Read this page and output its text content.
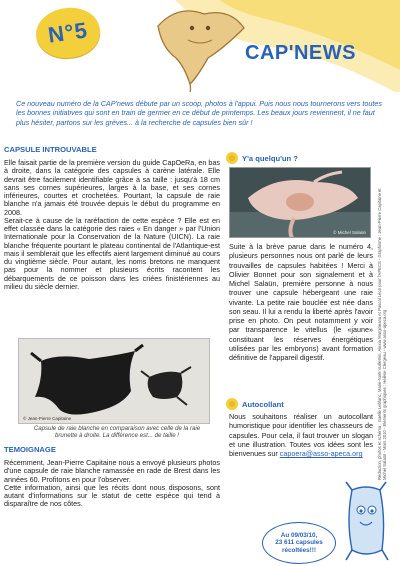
N°5
CAP'NEWS

Ce nouveau numéro de la CAP'news débute par un scoop, photos à l'appui. Puis nous nous tournerons vers toutes les bonnes initiatives qui sont en train de germer en ce début de printemps. Les beaux jours reviennent, il ne faut plus hésiter, partons sur les grèves... à la recherche de capsules bien sûr !

CAPSULE INTROUVABLE

Elle faisait partie de la première version du guide CapOeRa, en bas à droite, dans la catégorie des capsules à carène latérale. Elle devrait être facilement identifiable grâce à sa taille : jusqu'à 18 cm sans ses cornes supérieures, larges à la base, et ses cornes inférieures, courtes et crochetées. Pourtant, la capsule de raie blanche n'a jamais été trouvée depuis le début du programme en 2008.

Serait-ce à cause de la raréfaction de cette espèce ? Elle est en effet classée dans la catégorie des raies « En danger » par l'Union Internationale pour la Conservation de la Nature (UICN). La raie blanche fréquente pourtant le plateau continental de l'Atlantique-est mais il semblerait que les effectifs aient largement diminué au cours du vingtième siècle. Pour autant, les noms bretons ne manquent pas pour la nommer et plusieurs écrits racontent les débarquements de ce poisson dans les criées finistériennes au milieu du siècle dernier.

© Jean-Pierre Capitaine

Capsule de raie blanche en comparaison avec celle de la raie brunette à droite. La différence est... de taille !

TEMOIGNAGE

Récemment, Jean-Pierre Capitaine nous a envoyé plusieurs photos d'une capsule de raie blanche ramassée en rade de Brest dans les années 60. Profitons en pour l'observer.

Cette information, ainsi que les récits dont nous disposons, sont autant d'informations sur le statut de cette espèce qui tend à disparaître de nos côtes.

Y'a quelqu'un ?
© Michel Salaün

Suite à la brève parue dans le numéro 4, plusieurs personnes nous ont parlé de leurs trouvailles de capsules habitées ! Merci à Olivier Bonnet pour son signalement et à Michel Salaün, première personne à nous trouver une capsule hébergeant une raie vivante. La petite raie bouclée est née dans son seau. Il lui a rendu la liberté après l'avoir prise en photo. On peut notamment y voir par transparence le vitellus (le «jaune» constituant les réserves énergétiques utilisées par les embryons) avant formation définitive de l'appareil digestif.

Autocollant

Nous souhaitons réaliser un autocollant humoristique pour identifier les chasseurs de capsules. Pour cela, il faut trouver un slogan et une illustration. Toutes vos idées sont les bienvenues sur capoera@asso-apeca.org	Rédaction, photos et schéma : Gaëlle Leblanc, Marie-Noël Vuillemin, Alexia Margineanu et Pascal Léon pour l'APECS - Graphisme : Jean-Pierre Capitaine et Michel Salaün - Mars 2010 - Eléments graphiques : Hélène Clergeau - www.asso-apeca.org
Au 09/03/10,
23 611 capsules
récoltées!!!
